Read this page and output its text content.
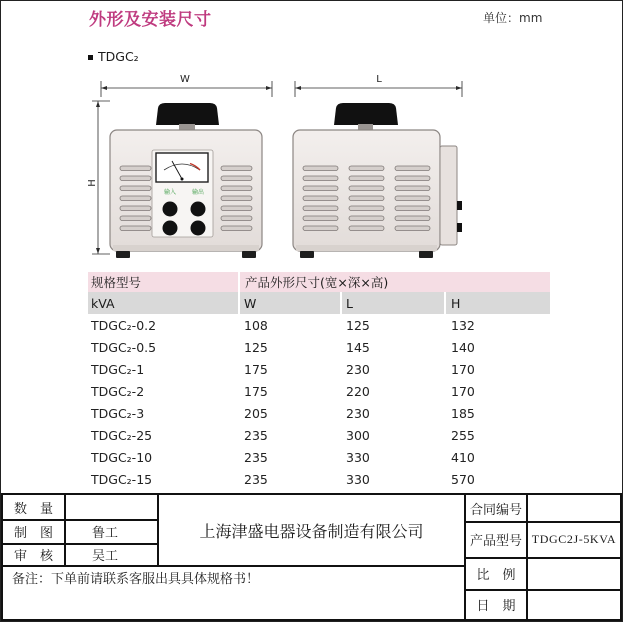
外形及安装尺寸	单位：mm
TDGC₂
W
H
输入	输出
L
规格型号	产品外形尺寸(宽×深×高)
kVA	W	L	H
TDGC₂-0.2	108	125	132
TDGC₂-0.5	125	145	140
TDGC₂-1	175	230	170
TDGC₂-2	175	220	170
TDGC₂-3	205	230	185
TDGC₂-25	235	300	255
TDGC₂-10	235	330	410
TDGC₂-15	235	330	570
数　量
制　图	鲁工
审　核	吴工
上海津盛电器设备制造有限公司
备注：下单前请联系客服出具具体规格书！
合同编号
产品型号 TDGC2J-5KVA
比　例
日　期
